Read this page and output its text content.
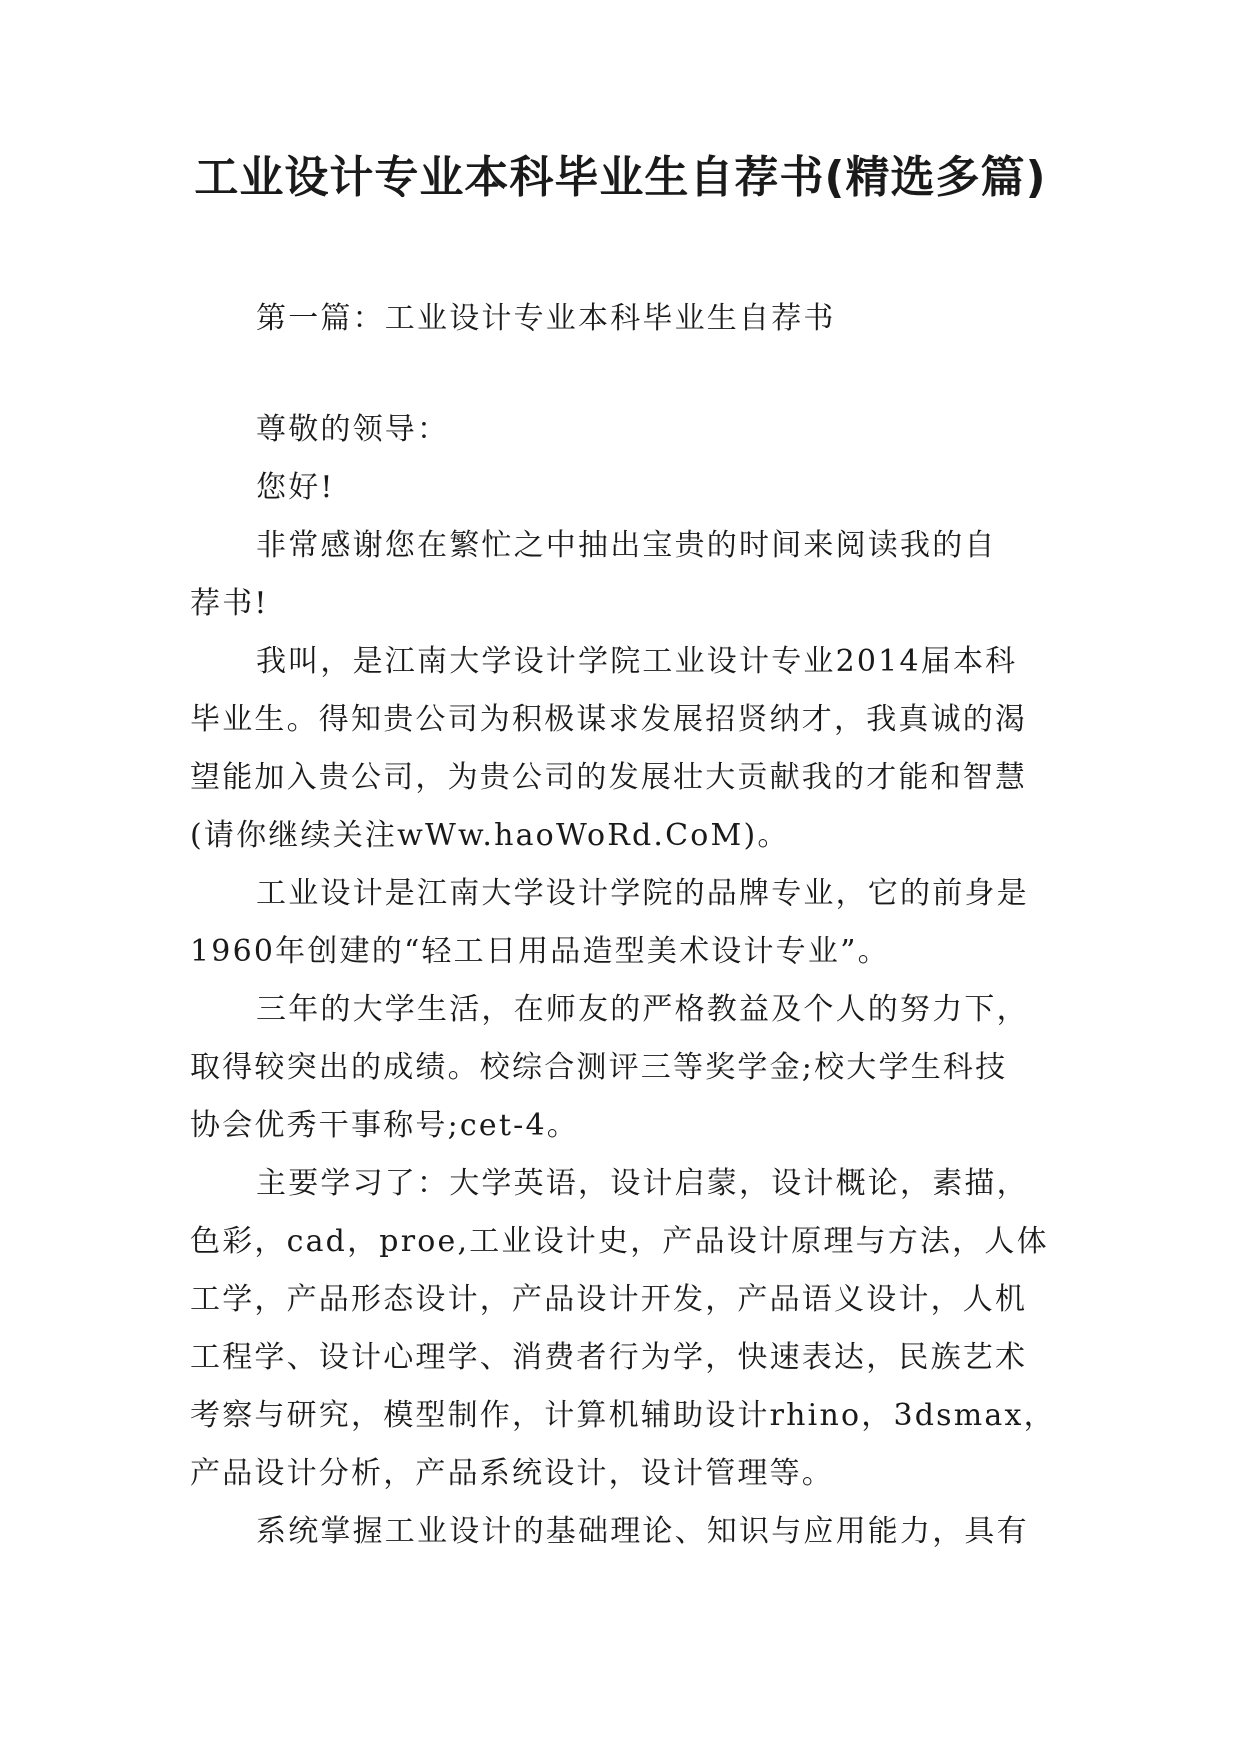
工业设计专业本科毕业生自荐书(精选多篇)
第一篇：工业设计专业本科毕业生自荐书
尊敬的领导：
您好!
非常感谢您在繁忙之中抽出宝贵的时间来阅读我的自
荐书!
我叫，是江南大学设计学院工业设计专业2014届本科
毕业生。得知贵公司为积极谋求发展招贤纳才，我真诚的渴
望能加入贵公司，为贵公司的发展壮大贡献我的才能和智慧
(请你继续关注wWw.haoWoRd.CoM)。
工业设计是江南大学设计学院的品牌专业，它的前身是
1960年创建的“轻工日用品造型美术设计专业”。
三年的大学生活，在师友的严格教益及个人的努力下，
取得较突出的成绩。校综合测评三等奖学金;校大学生科技
协会优秀干事称号;cet-4。
主要学习了：大学英语，设计启蒙，设计概论，素描，
色彩，cad，proe,工业设计史，产品设计原理与方法，人体
工学，产品形态设计，产品设计开发，产品语义设计，人机
工程学、设计心理学、消费者行为学，快速表达，民族艺术
考察与研究，模型制作，计算机辅助设计rhino，3dsmax，
产品设计分析，产品系统设计，设计管理等。
系统掌握工业设计的基础理论、知识与应用能力，具有
